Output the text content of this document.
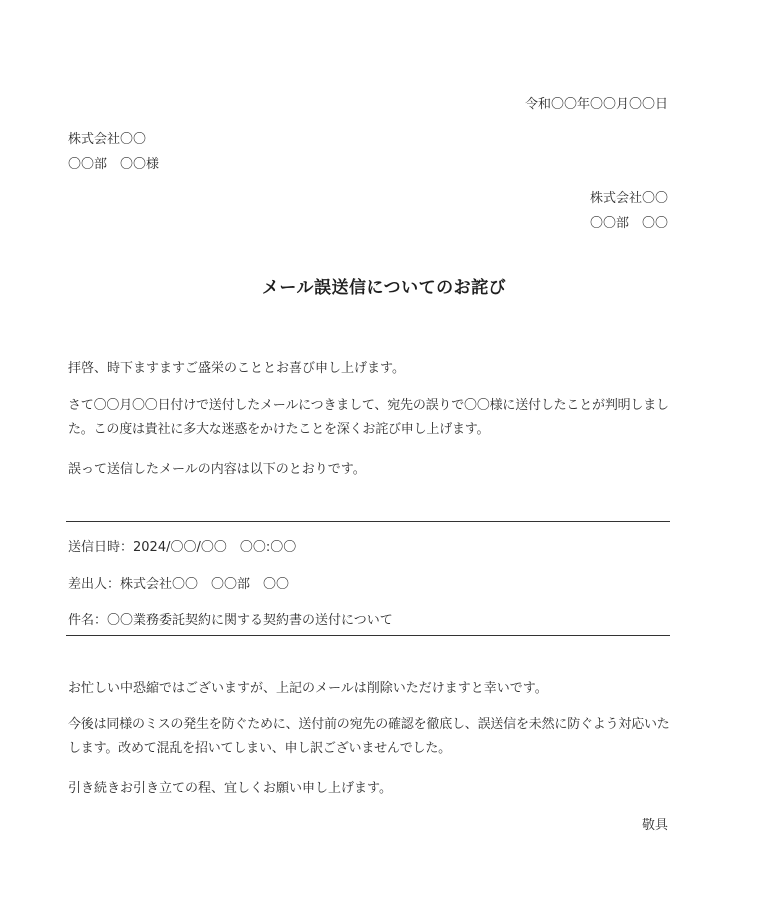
令和〇〇年〇〇月〇〇日
株式会社〇〇
〇〇部　〇〇様
株式会社〇〇
〇〇部　〇〇
メール誤送信についてのお詫び
拝啓、時下ますますご盛栄のこととお喜び申し上げます。
さて〇〇月〇〇日付けで送付したメールにつきまして、宛先の誤りで〇〇様に送付したことが判明しました。この度は貴社に多大な迷惑をかけたことを深くお詫び申し上げます。
誤って送信したメールの内容は以下のとおりです。
送信日時：2024/〇〇/〇〇　〇〇:〇〇
差出人：株式会社〇〇　〇〇部　〇〇
件名：〇〇業務委託契約に関する契約書の送付について
お忙しい中恐縮ではございますが、上記のメールは削除いただけますと幸いです。
今後は同様のミスの発生を防ぐために、送付前の宛先の確認を徹底し、誤送信を未然に防ぐよう対応いたします。改めて混乱を招いてしまい、申し訳ございませんでした。
引き続きお引き立ての程、宜しくお願い申し上げます。
敬具
